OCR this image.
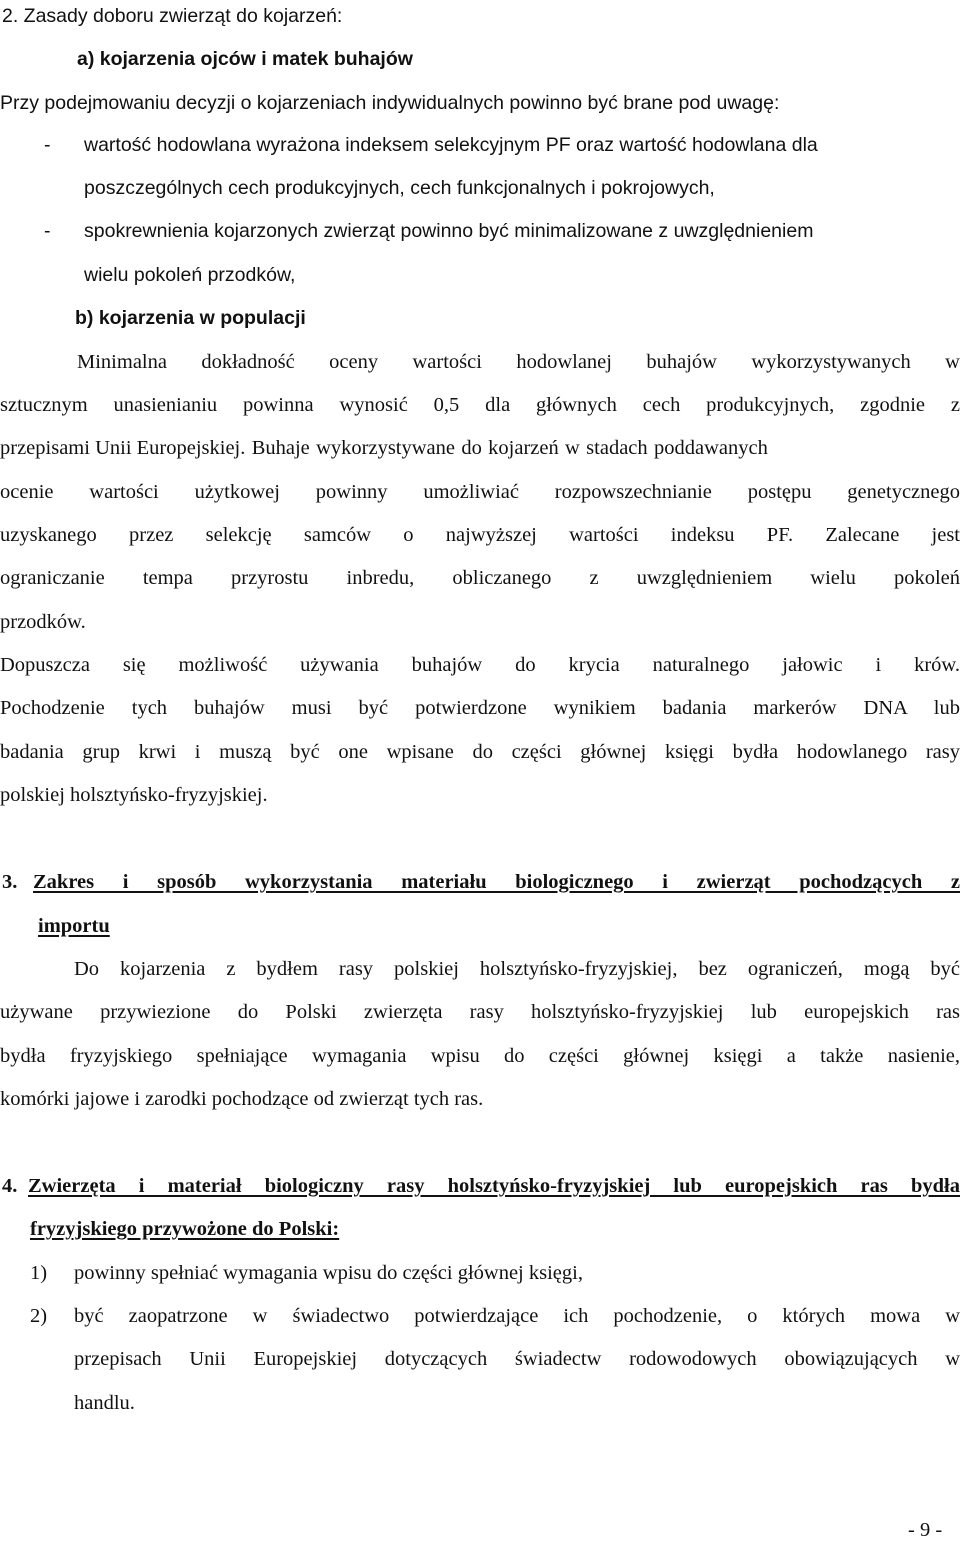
2. Zasady doboru zwierząt do kojarzeń:
a) kojarzenia ojców i matek buhajów
Przy podejmowaniu decyzji o kojarzeniach indywidualnych powinno być brane pod uwagę:
- wartość hodowlana wyrażona indeksem selekcyjnym PF oraz wartość hodowlana dla
poszczególnych cech produkcyjnych, cech funkcjonalnych i pokrojowych,
- spokrewnienia kojarzonych zwierząt powinno być minimalizowane z uwzględnieniem
wielu pokoleń przodków,
b) kojarzenia w populacji
Minimalna dokładność oceny wartości hodowlanej buhajów wykorzystywanych w
sztucznym unasienianiu powinna wynosić 0,5 dla głównych cech produkcyjnych, zgodnie z
przepisami Unii Europejskiej. Buhaje wykorzystywane do kojarzeń w stadach poddawanych
ocenie wartości użytkowej powinny umożliwiać rozpowszechnianie postępu genetycznego
uzyskanego przez selekcję samców o najwyższej wartości indeksu PF. Zalecane jest
ograniczanie tempa przyrostu inbredu, obliczanego z uwzględnieniem wielu pokoleń
przodków.
Dopuszcza się możliwość używania buhajów do krycia naturalnego jałowic i krów.
Pochodzenie tych buhajów musi być potwierdzone wynikiem badania markerów DNA lub
badania grup krwi i muszą być one wpisane do części głównej księgi bydła hodowlanego rasy
polskiej holsztyńsko-fryzyjskiej.
3. Zakres i sposób wykorzystania materiału biologicznego i zwierząt pochodzących z
importu
Do kojarzenia z bydłem rasy polskiej holsztyńsko-fryzyjskiej, bez ograniczeń, mogą być
używane przywiezione do Polski zwierzęta rasy holsztyńsko-fryzyjskiej lub europejskich ras
bydła fryzyjskiego spełniające wymagania wpisu do części głównej księgi a także nasienie,
komórki jajowe i zarodki pochodzące od zwierząt tych ras.
4. Zwierzęta i materiał biologiczny rasy holsztyńsko-fryzyjskiej lub europejskich ras bydła
fryzyjskiego przywożone do Polski:
1) powinny spełniać wymagania wpisu do części głównej księgi,
2) być zaopatrzone w świadectwo potwierdzające ich pochodzenie, o których mowa w
przepisach Unii Europejskiej dotyczących świadectw rodowodowych obowiązujących w
handlu.
- 9 -
